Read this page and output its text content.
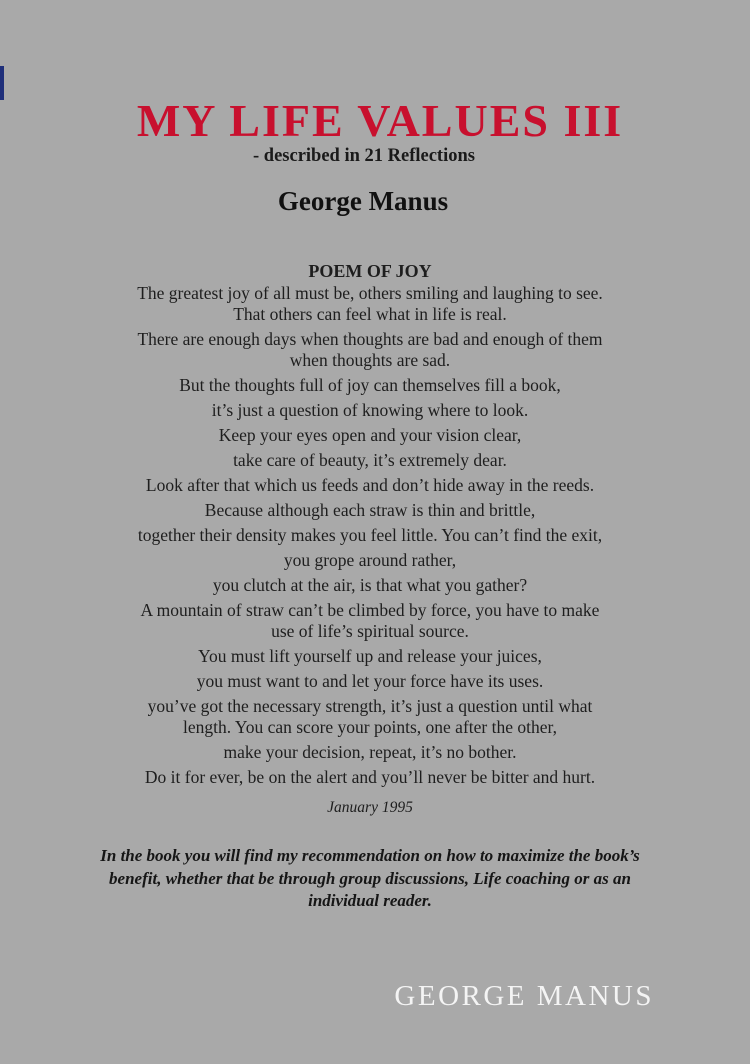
MY LIFE VALUES III
- described in 21 Reflections
George Manus

POEM OF JOY

The greatest joy of all must be, others smiling and laughing to see.

That others can feel what in life is real.

There are enough days when thoughts are bad and enough of them

when thoughts are sad.

But the thoughts full of joy can themselves fill a book,

it’s just a question of knowing where to look.

Keep your eyes open and your vision clear,

take care of beauty, it’s extremely dear.

Look after that which us feeds and don’t hide away in the reeds.

Because although each straw is thin and brittle,

together their density makes you feel little. You can’t find the exit,

you grope around rather,

you clutch at the air, is that what you gather?

A mountain of straw can’t be climbed by force, you have to make

use of life’s spiritual source.

You must lift yourself up and release your juices,

you must want to and let your force have its uses.

you’ve got the necessary strength, it’s just a question until what

length. You can score your points, one after the other,

make your decision, repeat, it’s no bother.

Do it for ever, be on the alert and you’ll never be bitter and hurt.

January 1995
In the book you will find my recommendation on how to maximize the book’s benefit, whether that be through group discussions, Life coaching or as an individual reader.
GEORGE MANUS
